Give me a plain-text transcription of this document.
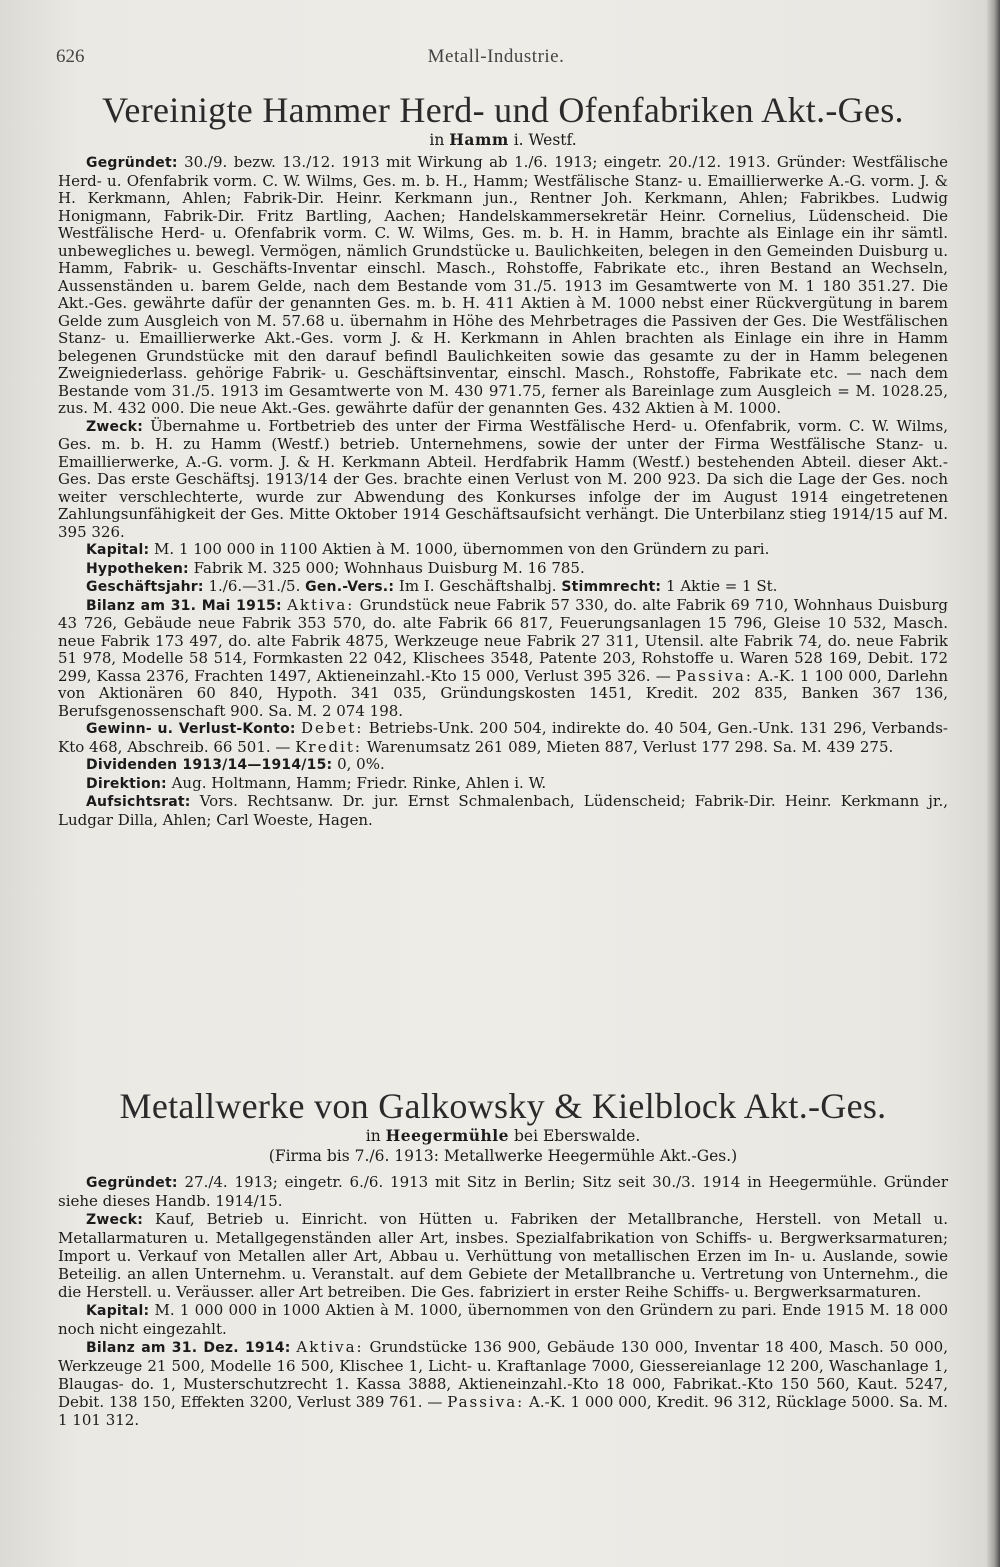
626	Metall-Industrie.
Vereinigte Hammer Herd- und Ofenfabriken Akt.-Ges.
in Hamm i. Westf.

Gegründet: 30./9. bezw. 13./12. 1913 mit Wirkung ab 1./6. 1913; eingetr. 20./12. 1913. Gründer: Westfälische Herd- u. Ofenfabrik vorm. C. W. Wilms, Ges. m. b. H., Hamm; Westfälische Stanz- u. Emaillierwerke A.-G. vorm. J. & H. Kerkmann, Ahlen; Fabrik-Dir. Heinr. Kerkmann jun., Rentner Joh. Kerkmann, Ahlen; Fabrikbes. Ludwig Honigmann, Fabrik-Dir. Fritz Bartling, Aachen; Handelskammersekretär Heinr. Cornelius, Lüdenscheid. Die Westfälische Herd- u. Ofenfabrik vorm. C. W. Wilms, Ges. m. b. H. in Hamm, brachte als Einlage ein ihr sämtl. unbewegliches u. bewegl. Vermögen, nämlich Grundstücke u. Baulichkeiten, belegen in den Gemeinden Duisburg u. Hamm, Fabrik- u. Geschäfts-Inventar einschl. Masch., Rohstoffe, Fabrikate etc., ihren Bestand an Wechseln, Aussenständen u. barem Gelde, nach dem Bestande vom 31./5. 1913 im Gesamtwerte von M. 1 180 351.27. Die Akt.-Ges. gewährte dafür der genannten Ges. m. b. H. 411 Aktien à M. 1000 nebst einer Rückvergütung in barem Gelde zum Ausgleich von M. 57.68 u. übernahm in Höhe des Mehrbetrages die Passiven der Ges. Die Westfälischen Stanz- u. Emaillierwerke Akt.-Ges. vorm J. & H. Kerkmann in Ahlen brachten als Einlage ein ihre in Hamm belegenen Grundstücke mit den darauf befindl Baulichkeiten sowie das gesamte zu der in Hamm belegenen Zweigniederlass. gehörige Fabrik- u. Geschäftsinventar, einschl. Masch., Rohstoffe, Fabrikate etc. — nach dem Bestande vom 31./5. 1913 im Gesamtwerte von M. 430 971.75, ferner als Bareinlage zum Ausgleich = M. 1028.25, zus. M. 432 000. Die neue Akt.-Ges. gewährte dafür der genannten Ges. 432 Aktien à M. 1000.

Zweck: Übernahme u. Fortbetrieb des unter der Firma Westfälische Herd- u. Ofenfabrik, vorm. C. W. Wilms, Ges. m. b. H. zu Hamm (Westf.) betrieb. Unternehmens, sowie der unter der Firma Westfälische Stanz- u. Emaillierwerke, A.-G. vorm. J. & H. Kerkmann Abteil. Herdfabrik Hamm (Westf.) bestehenden Abteil. dieser Akt.-Ges. Das erste Geschäftsj. 1913/14 der Ges. brachte einen Verlust von M. 200 923. Da sich die Lage der Ges. noch weiter verschlechterte, wurde zur Abwendung des Konkurses infolge der im August 1914 eingetretenen Zahlungsunfähigkeit der Ges. Mitte Oktober 1914 Geschäftsaufsicht verhängt. Die Unterbilanz stieg 1914/15 auf M. 395 326.

Kapital: M. 1 100 000 in 1100 Aktien à M. 1000, übernommen von den Gründern zu pari.

Hypotheken: Fabrik M. 325 000; Wohnhaus Duisburg M. 16 785.

Geschäftsjahr: 1./6.—31./5. Gen.-Vers.: Im I. Geschäftshalbj. Stimmrecht: 1 Aktie = 1 St.

Bilanz am 31. Mai 1915: Aktiva: Grundstück neue Fabrik 57 330, do. alte Fabrik 69 710, Wohnhaus Duisburg 43 726, Gebäude neue Fabrik 353 570, do. alte Fabrik 66 817, Feuerungsanlagen 15 796, Gleise 10 532, Masch. neue Fabrik 173 497, do. alte Fabrik 4875, Werkzeuge neue Fabrik 27 311, Utensil. alte Fabrik 74, do. neue Fabrik 51 978, Modelle 58 514, Formkasten 22 042, Klischees 3548, Patente 203, Rohstoffe u. Waren 528 169, Debit. 172 299, Kassa 2376, Frachten 1497, Aktieneinzahl.-Kto 15 000, Verlust 395 326. — Passiva: A.-K. 1 100 000, Darlehn von Aktionären 60 840, Hypoth. 341 035, Gründungskosten 1451, Kredit. 202 835, Banken 367 136, Berufsgenossenschaft 900. Sa. M. 2 074 198.

Gewinn- u. Verlust-Konto: Debet: Betriebs-Unk. 200 504, indirekte do. 40 504, Gen.-Unk. 131 296, Verbands-Kto 468, Abschreib. 66 501. — Kredit: Warenumsatz 261 089, Mieten 887, Verlust 177 298. Sa. M. 439 275.

Dividenden 1913/14—1914/15: 0, 0%.

Direktion: Aug. Holtmann, Hamm; Friedr. Rinke, Ahlen i. W.

Aufsichtsrat: Vors. Rechtsanw. Dr. jur. Ernst Schmalenbach, Lüdenscheid; Fabrik-Dir. Heinr. Kerkmann jr., Ludgar Dilla, Ahlen; Carl Woeste, Hagen.

Metallwerke von Galkowsky & Kielblock Akt.-Ges.
in Heegermühle bei Eberswalde.
(Firma bis 7./6. 1913: Metallwerke Heegermühle Akt.-Ges.)

Gegründet: 27./4. 1913; eingetr. 6./6. 1913 mit Sitz in Berlin; Sitz seit 30./3. 1914 in Heegermühle. Gründer siehe dieses Handb. 1914/15.

Zweck: Kauf, Betrieb u. Einricht. von Hütten u. Fabriken der Metallbranche, Herstell. von Metall u. Metallarmaturen u. Metallgegenständen aller Art, insbes. Spezialfabrikation von Schiffs- u. Bergwerksarmaturen; Import u. Verkauf von Metallen aller Art, Abbau u. Verhüttung von metallischen Erzen im In- u. Auslande, sowie Beteilig. an allen Unternehm. u. Veranstalt. auf dem Gebiete der Metallbranche u. Vertretung von Unternehm., die die Herstell. u. Veräusser. aller Art betreiben. Die Ges. fabriziert in erster Reihe Schiffs- u. Bergwerksarmaturen.

Kapital: M. 1 000 000 in 1000 Aktien à M. 1000, übernommen von den Gründern zu pari. Ende 1915 M. 18 000 noch nicht eingezahlt.

Bilanz am 31. Dez. 1914: Aktiva: Grundstücke 136 900, Gebäude 130 000, Inventar 18 400, Masch. 50 000, Werkzeuge 21 500, Modelle 16 500, Klischee 1, Licht- u. Kraftanlage 7000, Giessereianlage 12 200, Waschanlage 1, Blaugas- do. 1, Musterschutzrecht 1. Kassa 3888, Aktieneinzahl.-Kto 18 000, Fabrikat.-Kto 150 560, Kaut. 5247, Debit. 138 150, Effekten 3200, Verlust 389 761. — Passiva: A.-K. 1 000 000, Kredit. 96 312, Rücklage 5000. Sa. M. 1 101 312.
